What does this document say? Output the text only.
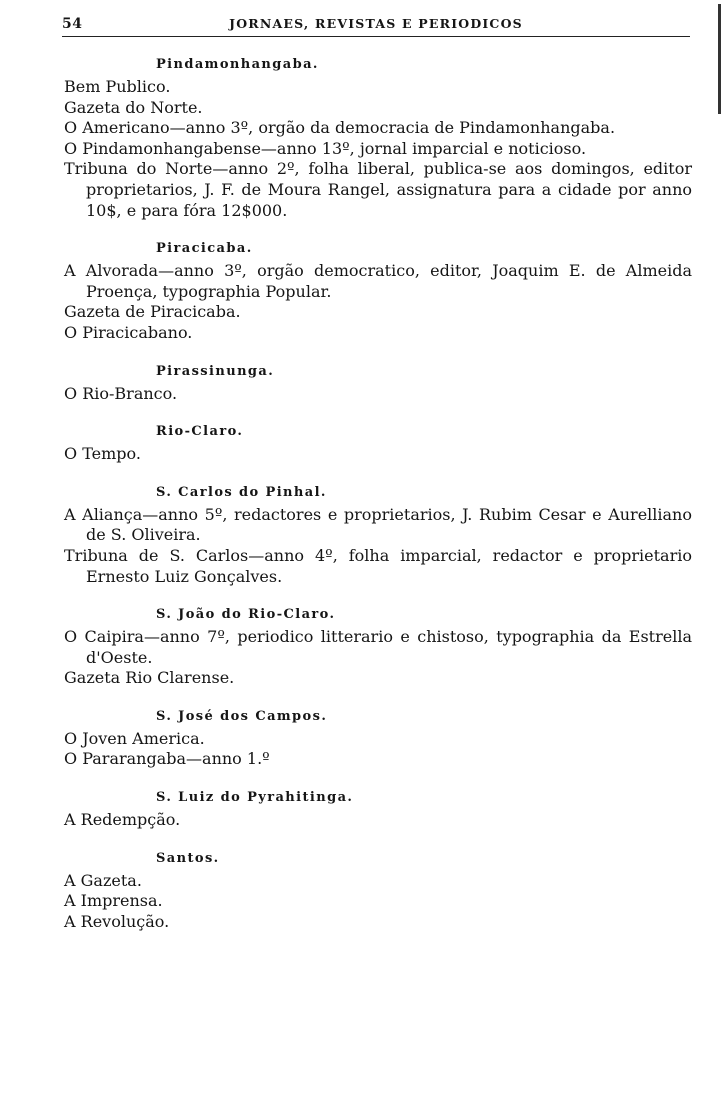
54	JORNAES, REVISTAS E PERIODICOS
Pindamonhangaba.

Bem Publico.

Gazeta do Norte.

O Americano—anno 3º, orgão da democracia de Pindamonhangaba.

O Pindamonhangabense—anno 13º, jornal imparcial e noticioso.

Tribuna do Norte—anno 2º, folha liberal, publica-se aos domingos, editor proprietarios, J. F. de Moura Rangel, assignatura para a cidade por anno 10$, e para fóra 12$000.

Piracicaba.

A Alvorada—anno 3º, orgão democratico, editor, Joaquim E. de Almeida Proença, typographia Popular.

Gazeta de Piracicaba.

O Piracicabano.

Pirassinunga.

O Rio-Branco.

Rio-Claro.

O Tempo.

S. Carlos do Pinhal.

A Aliança—anno 5º, redactores e proprietarios, J. Rubim Cesar e Aurelliano de S. Oliveira.

Tribuna de S. Carlos—anno 4º, folha imparcial, redactor e proprietario Ernesto Luiz Gonçalves.

S. João do Rio-Claro.

O Caipira—anno 7º, periodico litterario e chistoso, typographia da Estrella d'Oeste.

Gazeta Rio Clarense.

S. José dos Campos.

O Joven America.

O Pararangaba—anno 1.º

S. Luiz do Pyrahitinga.

A Redempção.

Santos.

A Gazeta.

A Imprensa.

A Revolução.
